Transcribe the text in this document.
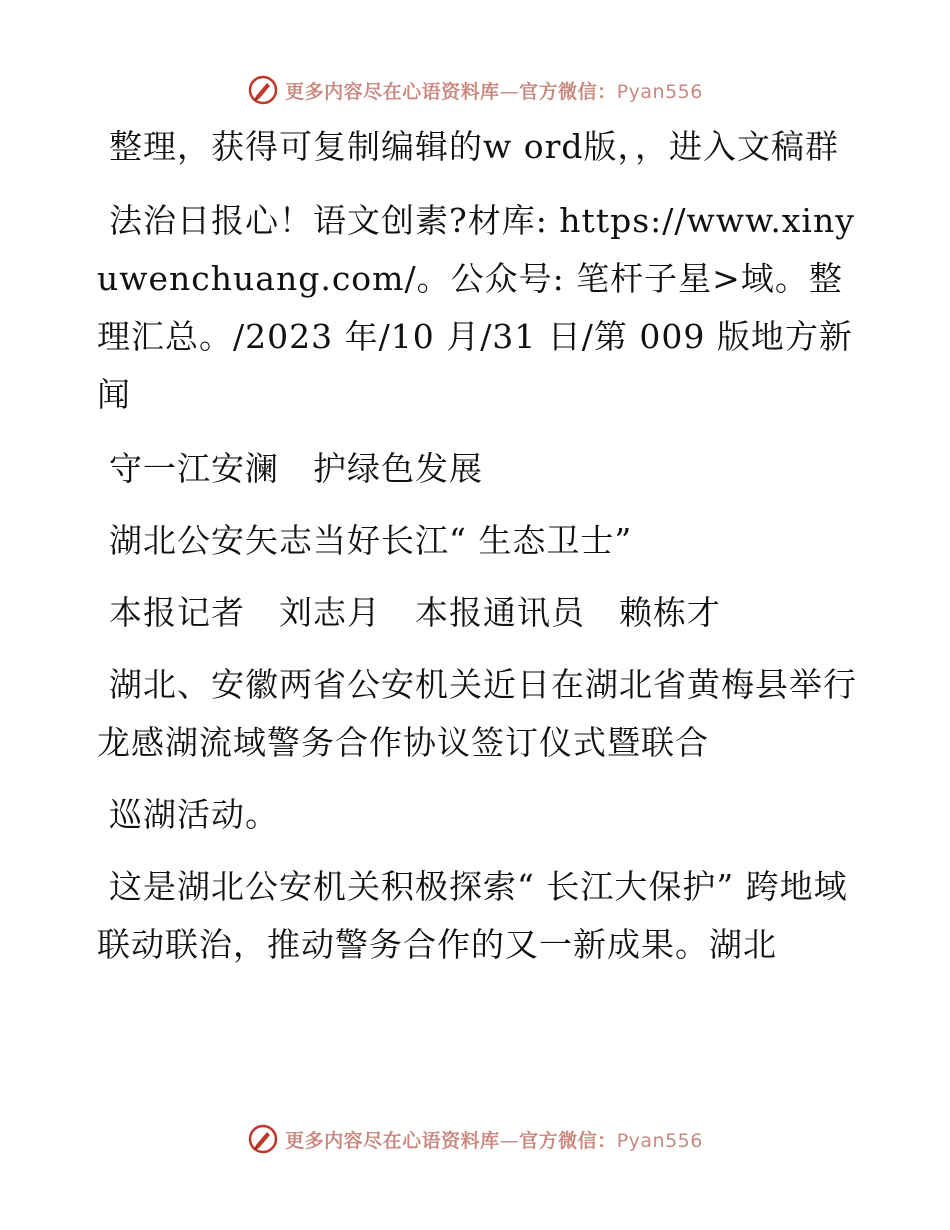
更多内容尽在心语资料库—官方微信：Pyan556

整理，获得可复制编辑的w ord版，，进入文稿群

法治日报心！语文创素?材库: https://www.xinyuwenchuang.com/。公众号: 笔杆子星>域。整理汇总。/2023 年/10 月/31 日/第 009 版地方新闻

守一江安澜　护绿色发展

湖北公安矢志当好长江“ 生态卫士”

本报记者　刘志月　本报通讯员　赖栋才

湖北、安徽两省公安机关近日在湖北省黄梅县举行龙感湖流域警务合作协议签订仪式暨联合

巡湖活动。

这是湖北公安机关积极探索“ 长江大保护” 跨地域联动联治，推动警务合作的又一新成果。湖北

更多内容尽在心语资料库—官方微信：Pyan556
